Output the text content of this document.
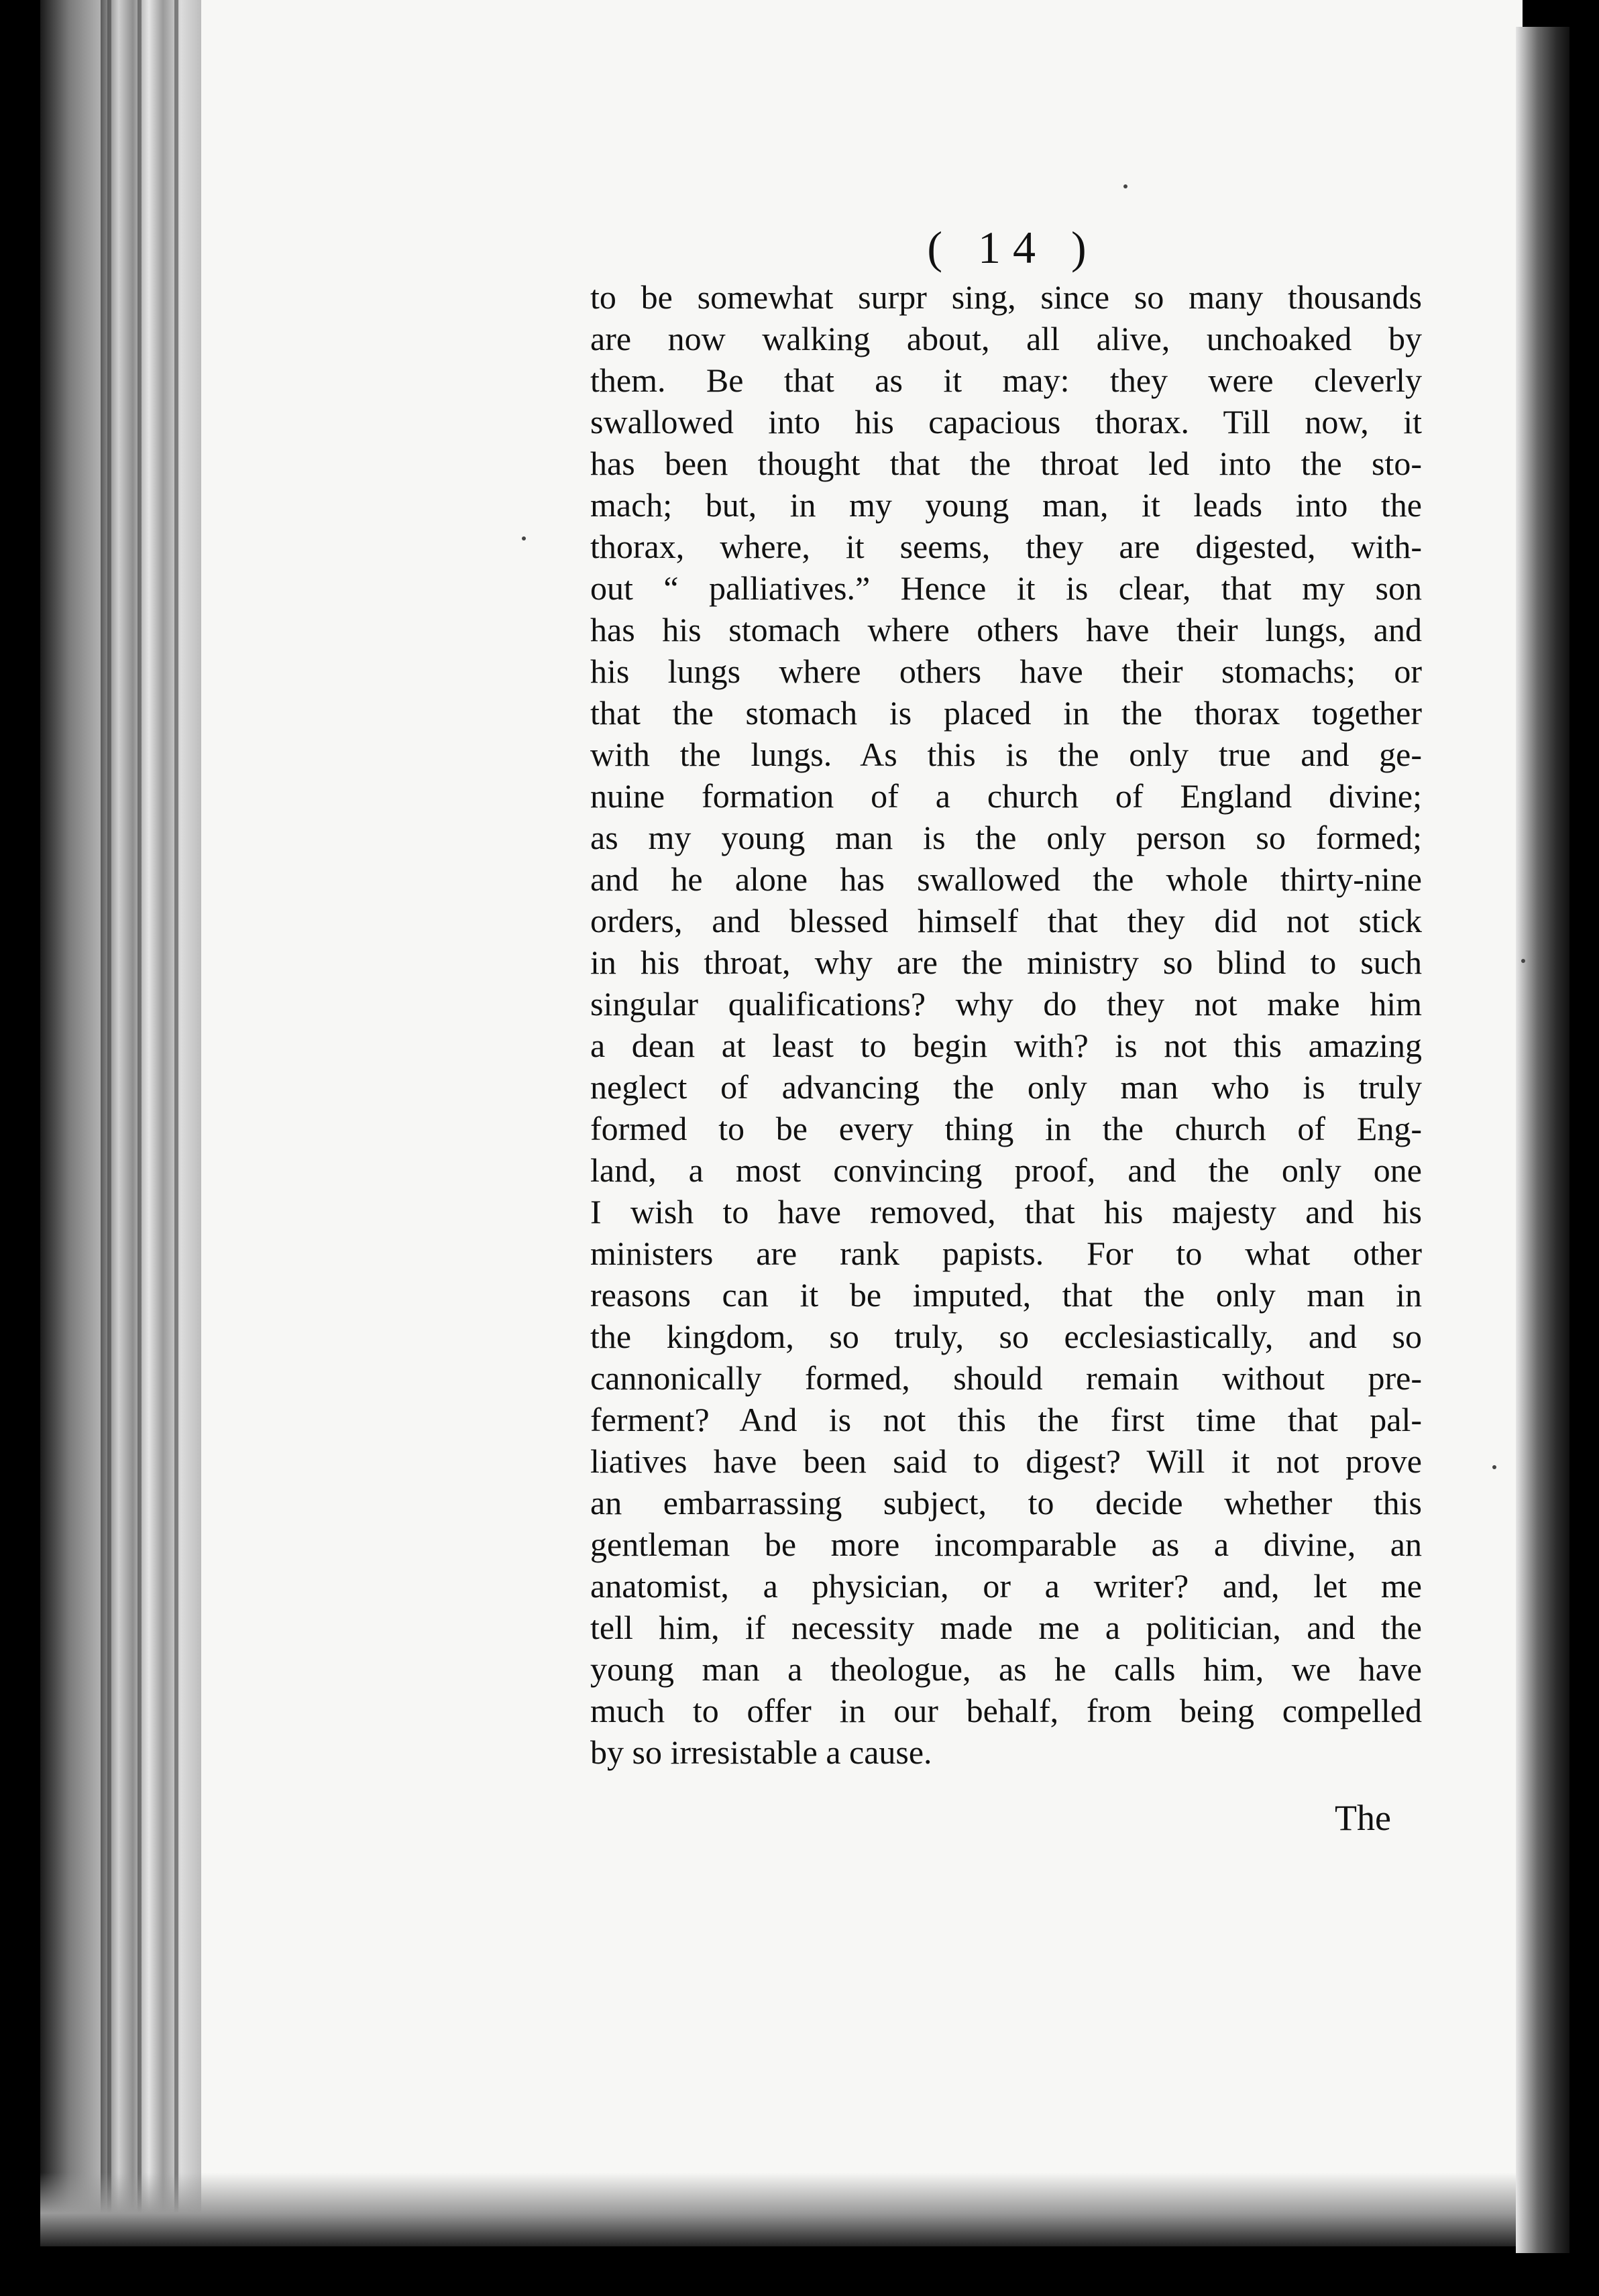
( 14 )
to be somewhat surpr sing, since so many thousands
are now walking about, all alive, unchoaked by
them. Be that as it may: they were cleverly
swallowed into his capacious thorax. Till now, it
has been thought that the throat led into the sto-
mach; but, in my young man, it leads into the
thorax, where, it seems, they are digested, with-
out “ palliatives.” Hence it is clear, that my son
has his stomach where others have their lungs, and
his lungs where others have their stomachs; or
that the stomach is placed in the thorax together
with the lungs. As this is the only true and ge-
nuine formation of a church of England divine;
as my young man is the only person so formed;
and he alone has swallowed the whole thirty-nine
orders, and blessed himself that they did not stick
in his throat, why are the ministry so blind to such
singular qualifications? why do they not make him
a dean at least to begin with? is not this amazing
neglect of advancing the only man who is truly
formed to be every thing in the church of Eng-
land, a most convincing proof, and the only one
I wish to have removed, that his majesty and his
ministers are rank papists. For to what other
reasons can it be imputed, that the only man in
the kingdom, so truly, so ecclesiastically, and so
cannonically formed, should remain without pre-
ferment? And is not this the first time that pal-
liatives have been said to digest? Will it not prove
an embarrassing subject, to decide whether this
gentleman be more incomparable as a divine, an
anatomist, a physician, or a writer? and, let me
tell him, if necessity made me a politician, and the
young man a theologue, as he calls him, we have
much to offer in our behalf, from being compelled
by so irresistable a cause.
The
